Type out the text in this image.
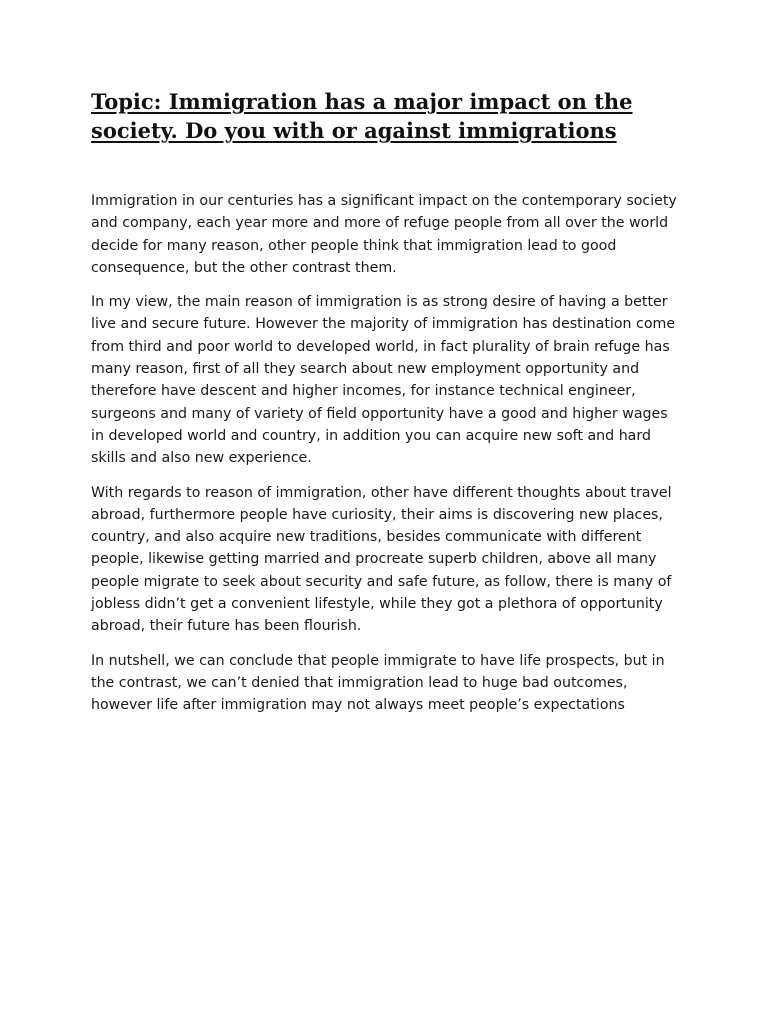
Topic: Immigration has a major impact on the society. Do you with or against immigrations

Immigration in our centuries has a significant impact on the contemporary society and company, each year more and more of refuge people from all over the world decide for many reason, other people think that immigration lead to good consequence, but the other contrast them.

In my view, the main reason of immigration is as strong desire of having a better live and secure future. However the majority of immigration has destination come from third and poor world to developed world, in fact plurality of brain refuge has many reason, first of all they search about new employment opportunity and therefore have descent and higher incomes, for instance technical engineer, surgeons and many of variety of field opportunity have a good and higher wages in developed world and country, in addition you can acquire new soft and hard skills and also new experience.

With regards to reason of immigration, other have different thoughts about travel abroad, furthermore people have curiosity, their aims is discovering new places, country, and also acquire new traditions, besides communicate with different people, likewise getting married and procreate superb children, above all many people migrate to seek about security and safe future, as follow, there is many of jobless didn’t get a convenient lifestyle, while they got a plethora of opportunity abroad, their future has been flourish.

In nutshell, we can conclude that people immigrate to have life prospects, but in the contrast, we can’t denied that immigration lead to huge bad outcomes, however life after immigration may not always meet people’s expectations
